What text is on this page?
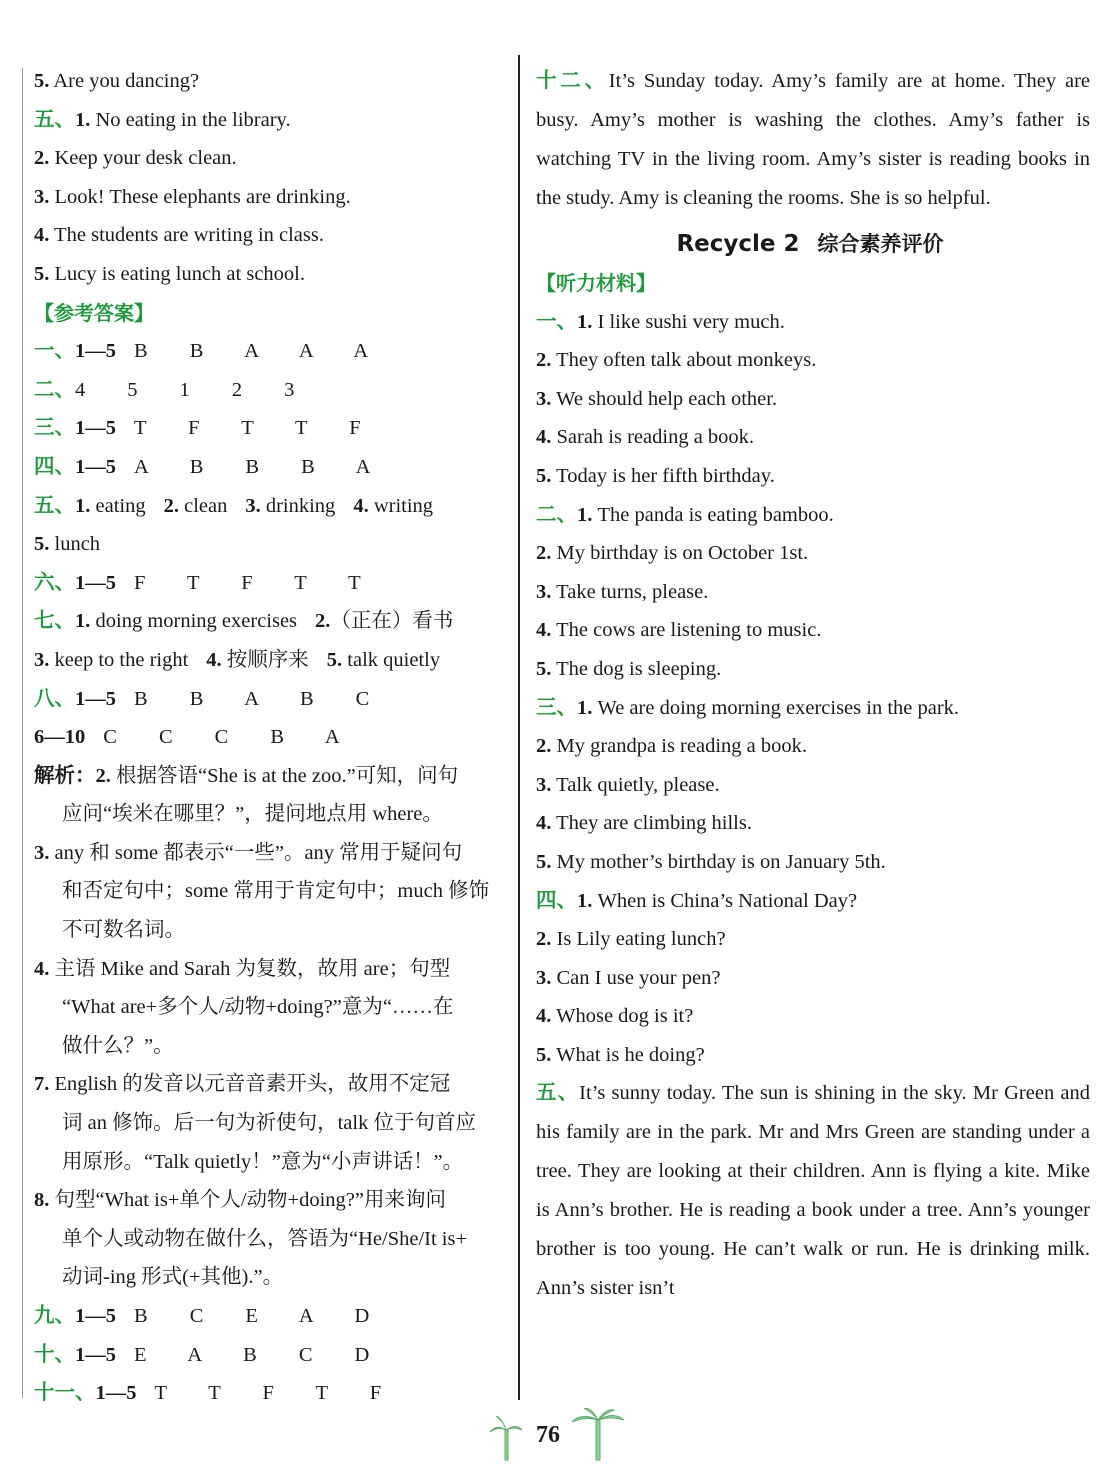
5. Are you dancing?
五、1. No eating in the library.
2. Keep your desk clean.
3. Look! These elephants are drinking.
4. The students are writing in class.
5. Lucy is eating lunch at school.
【参考答案】
一、1—5 B B A A A
二、4 5 1 2 3
三、1—5 T F T T F
四、1—5 A B B B A
五、1. eating 2. clean 3. drinking 4. writing
5. lunch
六、1—5 F T F T T
七、1. doing morning exercises 2.（正在）看书
3. keep to the right 4. 按顺序来 5. talk quietly
八、1—5 B B A B C
6—10 C C C B A
解析：2. 根据答语“She is at the zoo.”可知，问句
应问“埃米在哪里？”，提问地点用 where。
3. any 和 some 都表示“一些”。any 常用于疑问句
和否定句中；some 常用于肯定句中；much 修饰
不可数名词。
4. 主语 Mike and Sarah 为复数，故用 are；句型
“What are+多个人/动物+doing?”意为“……在
做什么？”。
7. English 的发音以元音音素开头，故用不定冠
词 an 修饰。后一句为祈使句，talk 位于句首应
用原形。“Talk quietly！”意为“小声讲话！”。
8. 句型“What is+单个人/动物+doing?”用来询问
单个人或动物在做什么，答语为“He/She/It is+
动词-ing 形式(+其他).”。
九、1—5 B C E A D
十、1—5 E A B C D
十一、1—5 T T F T F
十二、It’s Sunday today. Amy’s family are at home. They are busy. Amy’s mother is washing the clothes. Amy’s father is watching TV in the living room. Amy’s sister is reading books in the study. Amy is cleaning the rooms. She is so helpful.
Recycle 2 综合素养评价
【听力材料】
一、1. I like sushi very much.
2. They often talk about monkeys.
3. We should help each other.
4. Sarah is reading a book.
5. Today is her fifth birthday.
二、1. The panda is eating bamboo.
2. My birthday is on October 1st.
3. Take turns, please.
4. The cows are listening to music.
5. The dog is sleeping.
三、1. We are doing morning exercises in the park.
2. My grandpa is reading a book.
3. Talk quietly, please.
4. They are climbing hills.
5. My mother’s birthday is on January 5th.
四、1. When is China’s National Day?
2. Is Lily eating lunch?
3. Can I use your pen?
4. Whose dog is it?
5. What is he doing?
五、It’s sunny today. The sun is shining in the sky. Mr Green and his family are in the park. Mr and Mrs Green are standing under a tree. They are looking at their children. Ann is flying a kite. Mike is Ann’s brother. He is reading a book under a tree. Ann’s younger brother is too young. He can’t walk or run. He is drinking milk. Ann’s sister isn’t
76
